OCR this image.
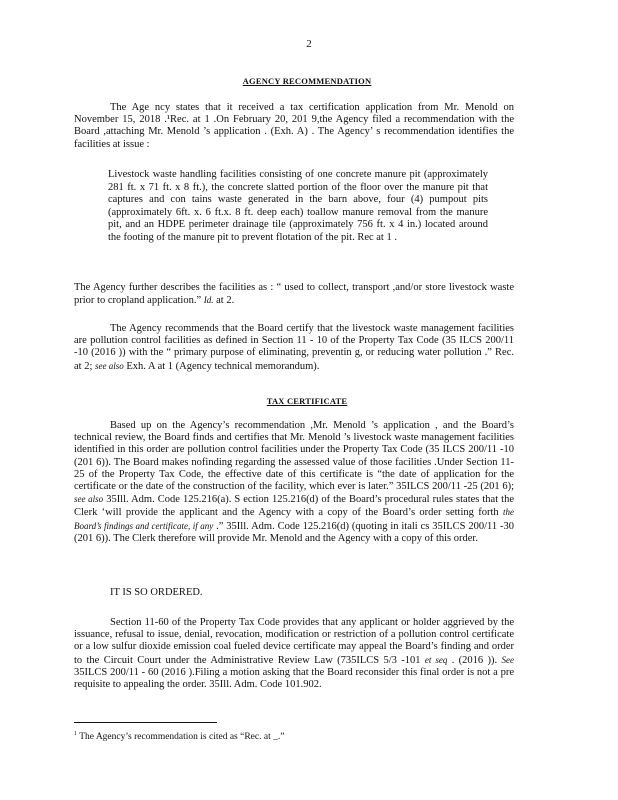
2
AGENCY RECOMMENDATION
The Age ncy states that it received a tax certification application from Mr. Menold on November 15, 2018 .¹Rec. at 1 .On February 20, 201 9,the Agency filed a recommendation with the Board ,attaching Mr. Menold ’s application . (Exh. A) . The Agency’ s recommendation identifies the facilities at issue :
Livestock waste handling facilities consisting of one concrete manure pit (approximately 281 ft. x 71 ft. x 8 ft.), the concrete slatted portion of the floor over the manure pit that captures and con tains waste generated in the barn above, four (4) pumpout pits (approximately 6ft. x. 6 ft.x. 8 ft. deep each) toallow manure removal from the manure pit, and an HDPE perimeter drainage tile (approximately 756 ft. x 4 in.) located around the footing of the manure pit to prevent flotation of the pit. Rec at 1 .
The Agency further describes the facilities as : “ used to collect, transport ,and/or store livestock waste prior to cropland application.” Id. at 2.
The Agency recommends that the Board certify that the livestock waste management facilities are pollution control facilities as defined in Section 11 - 10 of the Property Tax Code (35 ILCS 200/11 -10 (2016 )) with the “ primary purpose of eliminating, preventin g, or reducing water pollution .” Rec. at 2; see also Exh. A at 1 (Agency technical memorandum).
TAX CERTIFICATE
Based up on the Agency’s recommendation ,Mr. Menold ’s application , and the Board’s technical review, the Board finds and certifies that Mr. Menold ’s livestock waste management facilities identified in this order are pollution control facilities under the Property Tax Code (35 ILCS 200/11 -10 (201 6)). The Board makes nofinding regarding the assessed value of those facilities .Under Section 11- 25 of the Property Tax Code, the effective date of this certificate is “the date of application for the certificate or the date of the construction of the facility, which ever is later.” 35ILCS 200/11 -25 (201 6); see also 35Ill. Adm. Code 125.216(a). S ection 125.216(d) of the Board’s procedural rules states that the Clerk ‘will provide the applicant and the Agency with a copy of the Board’s order setting forth the Board’s findings and certificate, if any .” 35Ill. Adm. Code 125.216(d) (quoting in itali cs 35ILCS 200/11 -30 (201 6)). The Clerk therefore will provide Mr. Menold and the Agency with a copy of this order.
IT IS SO ORDERED.
Section 11-60 of the Property Tax Code provides that any applicant or holder aggrieved by the issuance, refusal to issue, denial, revocation, modification or restriction of a pollution control certificate or a low sulfur dioxide emission coal fueled device certificate may appeal the Board’s finding and order to the Circuit Court under the Administrative Review Law (735ILCS 5/3 -101 et seq . (2016 )). See 35ILCS 200/11 - 60 (2016 ).Filing a motion asking that the Board reconsider this final order is not a pre requisite to appealing the order. 35Ill. Adm. Code 101.902.
$^1$ The Agency’s recommendation is cited as “Rec. at _.”
